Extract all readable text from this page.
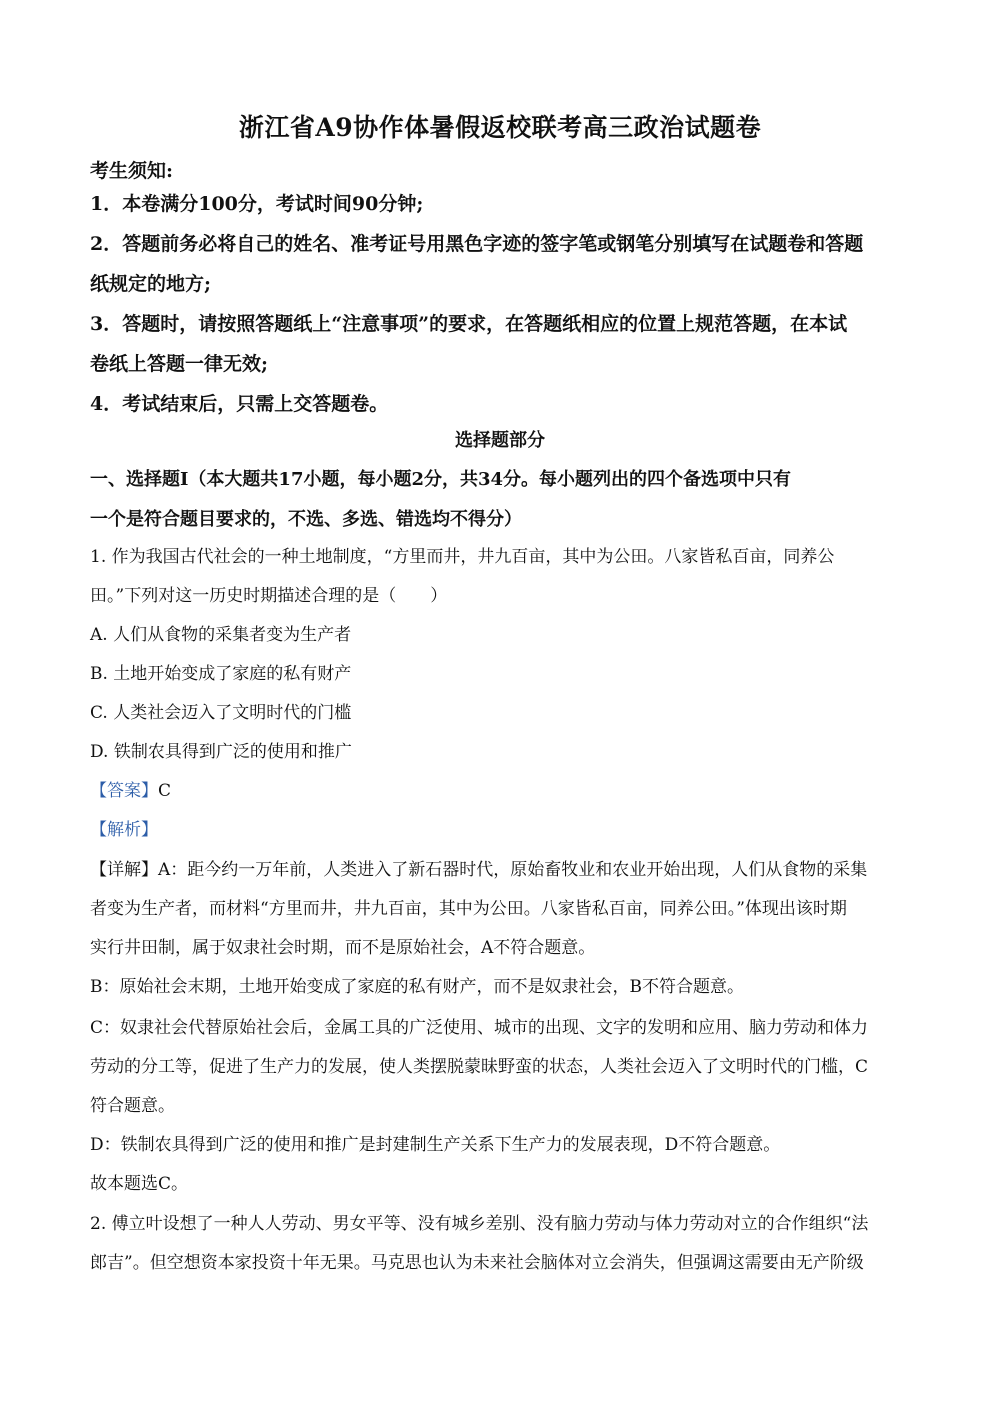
浙江省A9协作体暑假返校联考高三政治试题卷
考生须知:
1．本卷满分100分，考试时间90分钟;
2．答题前务必将自己的姓名、准考证号用黑色字迹的签字笔或钢笔分别填写在试题卷和答题
纸规定的地方;
3．答题时，请按照答题纸上“注意事项”的要求，在答题纸相应的位置上规范答题，在本试
卷纸上答题一律无效;
4．考试结束后，只需上交答题卷。
选择题部分
一、选择题Ⅰ（本大题共17小题，每小题2分，共34分。每小题列出的四个备选项中只有
一个是符合题目要求的，不选、多选、错选均不得分）
1. 作为我国古代社会的一种土地制度，“方里而井，井九百亩，其中为公田。八家皆私百亩，同养公
田。”下列对这一历史时期描述合理的是（　　）
A. 人们从食物的采集者变为生产者
B. 土地开始变成了家庭的私有财产
C. 人类社会迈入了文明时代的门槛
D. 铁制农具得到广泛的使用和推广
【答案】C
【解析】
【详解】A：距今约一万年前，人类进入了新石器时代，原始畜牧业和农业开始出现，人们从食物的采集
者变为生产者，而材料“方里而井，井九百亩，其中为公田。八家皆私百亩，同养公田。”体现出该时期
实行井田制，属于奴隶社会时期，而不是原始社会，A不符合题意。
B：原始社会末期，土地开始变成了家庭的私有财产，而不是奴隶社会，B不符合题意。
C：奴隶社会代替原始社会后，金属工具的广泛使用、城市的出现、文字的发明和应用、脑力劳动和体力
劳动的分工等，促进了生产力的发展，使人类摆脱蒙昧野蛮的状态，人类社会迈入了文明时代的门槛，C
符合题意。
D：铁制农具得到广泛的使用和推广是封建制生产关系下生产力的发展表现，D不符合题意。
故本题选C。
2. 傅立叶设想了一种人人劳动、男女平等、没有城乡差别、没有脑力劳动与体力劳动对立的合作组织“法
郎吉”。但空想资本家投资十年无果。马克思也认为未来社会脑体对立会消失，但强调这需要由无产阶级
